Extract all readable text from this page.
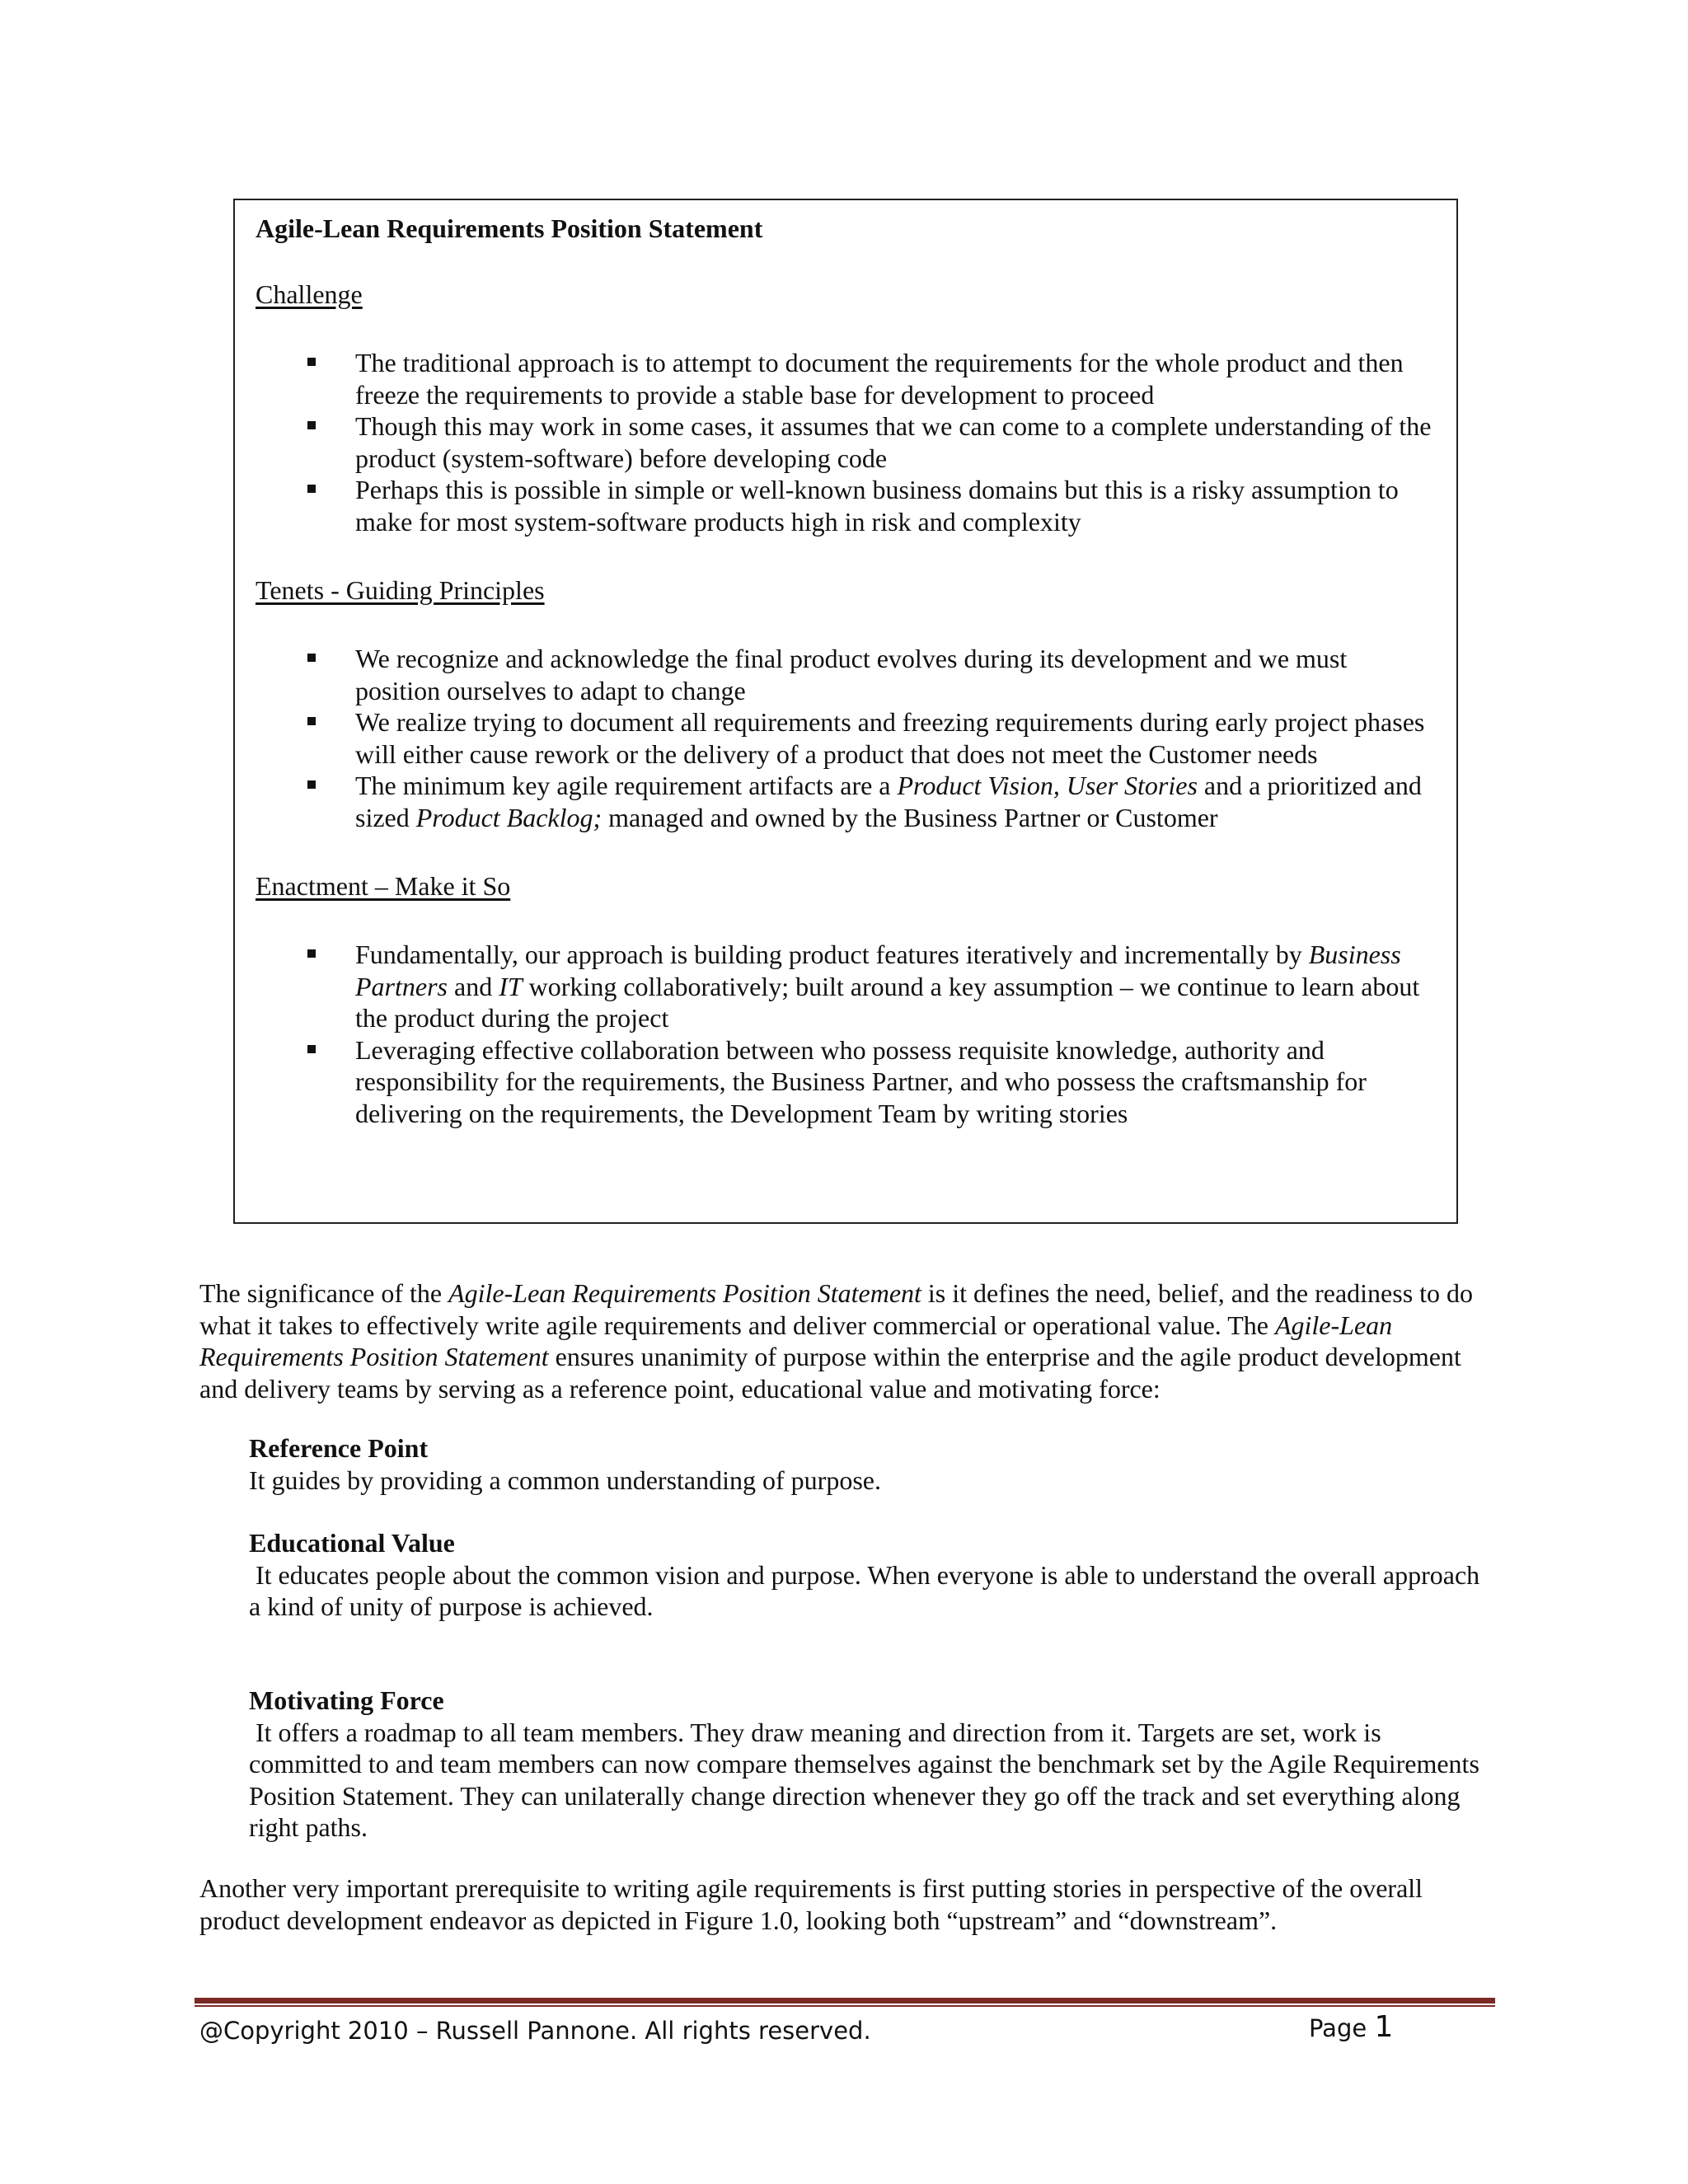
Agile-Lean Requirements Position Statement
Challenge
The traditional approach is to attempt to document the requirements for the whole product and then freeze the requirements to provide a stable base for development to proceed
Though this may work in some cases, it assumes that we can come to a complete understanding of the product (system-software) before developing code
Perhaps this is possible in simple or well-known business domains but this is a risky assumption to make for most system-software products high in risk and complexity
Tenets - Guiding Principles
We recognize and acknowledge the final product evolves during its development and we must position ourselves to adapt to change
We realize trying to document all requirements and freezing requirements during early project phases will either cause rework or the delivery of a product that does not meet the Customer needs
The minimum key agile requirement artifacts are a Product Vision, User Stories and a prioritized and sized Product Backlog; managed and owned by the Business Partner or Customer
Enactment – Make it So
Fundamentally, our approach is building product features iteratively and incrementally by Business Partners and IT working collaboratively; built around a key assumption – we continue to learn about the product during the project
Leveraging effective collaboration between who possess requisite knowledge, authority and responsibility for the requirements, the Business Partner, and who possess the craftsmanship for delivering on the requirements, the Development Team by writing stories

The significance of the Agile-Lean Requirements Position Statement is it defines the need, belief, and the readiness to do what it takes to effectively write agile requirements and deliver commercial or operational value. The Agile-Lean Requirements Position Statement ensures unanimity of purpose within the enterprise and the agile product development and delivery teams by serving as a reference point, educational value and motivating force:

Reference Point
It guides by providing a common understanding of purpose.
Educational Value
It educates people about the common vision and purpose. When everyone is able to understand the overall approach a kind of unity of purpose is achieved.
Motivating Force
It offers a roadmap to all team members. They draw meaning and direction from it. Targets are set, work is committed to and team members can now compare themselves against the benchmark set by the Agile Requirements Position Statement. They can unilaterally change direction whenever they go off the track and set everything along right paths.

Another very important prerequisite to writing agile requirements is first putting stories in perspective of the overall product development endeavor as depicted in Figure 1.0, looking both “upstream” and “downstream”.

@Copyright 2010 – Russell Pannone. All rights reserved.	Page 1
